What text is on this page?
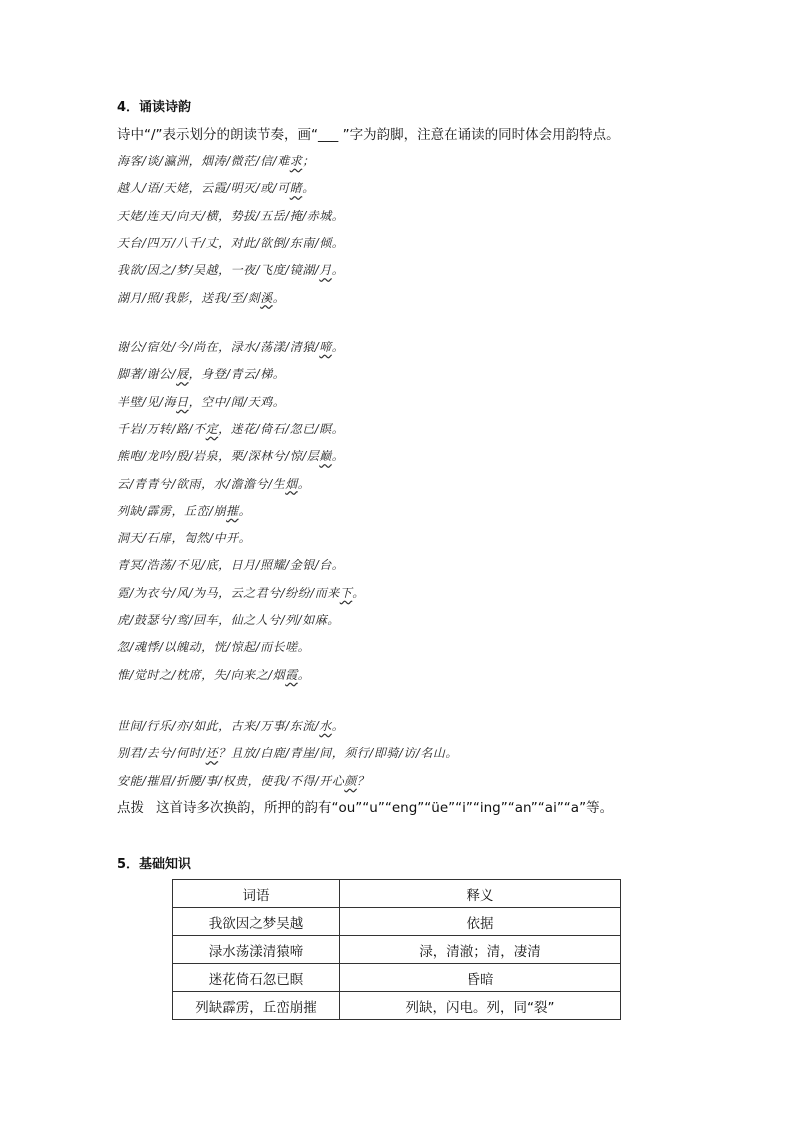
4．诵读诗韵
诗中“/”表示划分的朗读节奏，画“___ ”字为韵脚，注意在诵读的同时体会用韵特点。
海客/谈/瀛洲，烟涛/微茫/信/难求；
越人/语/天姥，云霞/明灭/或/可睹。
天姥/连天/向天/横，势拔/五岳/掩/赤城。
天台/四万/八千/丈，对此/欲倒/东南/倾。
我欲/因之/梦/吴越，一夜/飞度/镜湖/月。
湖月/照/我影，送我/至/剡溪。
谢公/宿处/今/尚在，渌水/荡漾/清猿/啼。
脚著/谢公/屐，身登/青云/梯。
半壁/见/海日，空中/闻/天鸡。
千岩/万转/路/不定，迷花/倚石/忽已/瞑。
熊咆/龙吟/殷/岩泉，栗/深林兮/惊/层巅。
云/青青兮/欲雨，水/澹澹兮/生烟。
列缺/霹雳，丘峦/崩摧。
洞天/石扉，訇然/中开。
青冥/浩荡/不见/底，日月/照耀/金银/台。
霓/为衣兮/风/为马，云之君兮/纷纷/而来下。
虎/鼓瑟兮/鸾/回车，仙之人兮/列/如麻。
忽/魂悸/以魄动，恍/惊起/而长嗟。
惟/觉时之/枕席，失/向来之/烟霞。
世间/行乐/亦/如此，古来/万事/东流/水。
别君/去兮/何时/还？且放/白鹿/青崖/间，须行/即骑/访/名山。
安能/摧眉/折腰/事/权贵，使我/不得/开心颜？
点拨 这首诗多次换韵，所押的韵有“ou”“u”“eng”“üe”“i”“ing”“an”“ai”“a”等。
5．基础知识
词语	释义
我欲因之梦吴越	依据
渌水荡漾清猿啼	渌，清澈；清，凄清
迷花倚石忽已瞑	昏暗
列缺霹雳，丘峦崩摧	列缺，闪电。列，同“裂”
